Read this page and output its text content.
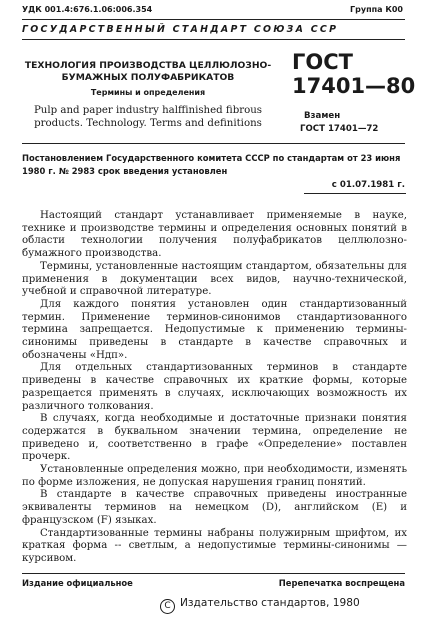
УДК 001.4:676.1.06:006.354	Группа К00
ГОСУДАРСТВЕННЫЙ СТАНДАРТ СОЮЗА ССР
ТЕХНОЛОГИЯ ПРОИЗВОДСТВА ЦЕЛЛЮЛОЗНО-
БУМАЖНЫХ ПОЛУФАБРИКАТОВ
Термины и определения
Pulp and paper industry halffinished fibrous
products. Technology. Terms and definitions
ГОСТ
17401—80
Взамен
ГОСТ 17401—72
Постановлением Государственного комитета СССР по стандартам от 23 июня
1980 г. № 2983 срок введения установлен
с 01.07.1981 г.

Настоящий стандарт устанавливает применяемые в науке, технике и производстве термины и определения основных понятий в области технологии получения полуфабрикатов целлюлозно-бумажного производства.

Термины, установленные настоящим стандартом, обязательны для применения в документации всех видов, научно-технической, учебной и справочной литературе.

Для каждого понятия установлен один стандартизованный термин. Применение терминов-синонимов стандартизованного термина запрещается. Недопустимые к применению термины-синонимы приведены в стандарте в качестве справочных и обозначены «Ндп».

Для отдельных стандартизованных терминов в стандарте приведены в качестве справочных их краткие формы, которые разрещается применять в случаях, исключающих возможность их различного толкования.

В случаях, когда необходимые и достаточные признаки понятия содержатся в буквальном значении термина, определение не приведено и, соответственно в графе «Определение» поставлен прочерк.

Установленные определения можно, при необходимости, изменять по форме изложения, не допуская нарушения границ понятий.

В стандарте в качестве справочных приведены иностранные эквиваленты терминов на немецком (D), английском (E) и французском (F) языках.

Стандартизованные термины набраны полужирным шрифтом, их краткая форма -- светлым, а недопустимые термины-синонимы — курсивом.

Издание официальное	Перепечатка воспрещена
C Издательство стандартов, 1980
